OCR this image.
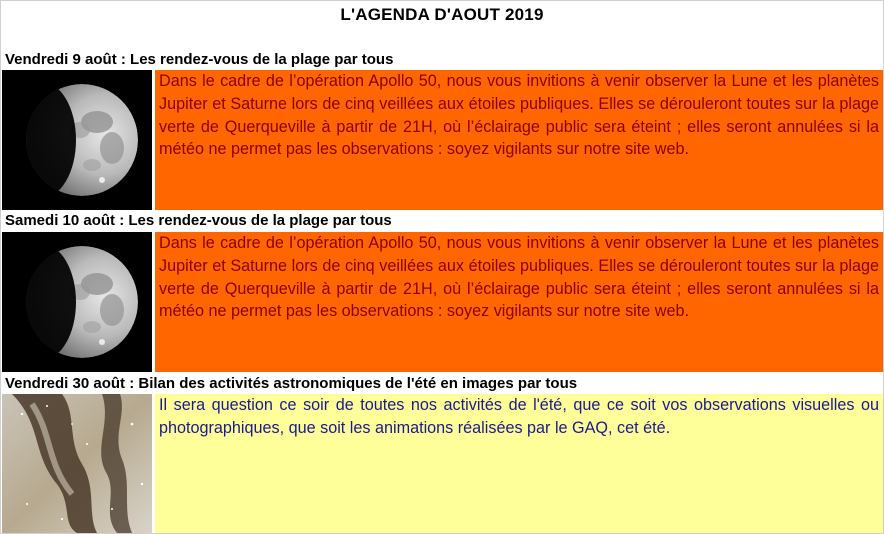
L'AGENDA D'AOUT 2019
Vendredi 9 août : Les rendez-vous de la plage par tous
Dans le cadre de l’opération Apollo 50, nous vous invitions à venir observer la Lune et les planètes Jupiter et Saturne lors de cinq veillées aux étoiles publiques. Elles se dérouleront toutes sur la plage verte de Querqueville à partir de 21H, où l’éclairage public sera éteint ; elles seront annulées si la météo ne permet pas les observations : soyez vigilants sur notre site web.
Samedi 10 août : Les rendez-vous de la plage par tous
Dans le cadre de l’opération Apollo 50, nous vous invitions à venir observer la Lune et les planètes Jupiter et Saturne lors de cinq veillées aux étoiles publiques. Elles se dérouleront toutes sur la plage verte de Querqueville à partir de 21H, où l’éclairage public sera éteint ; elles seront annulées si la météo ne permet pas les observations : soyez vigilants sur notre site web.
Vendredi 30 août : Bilan des activités astronomiques de l'été en images par tous
Il sera question ce soir de toutes nos activités de l'été, que ce soit vos observations visuelles ou photographiques, que soit les animations réalisées par le GAQ, cet été.
